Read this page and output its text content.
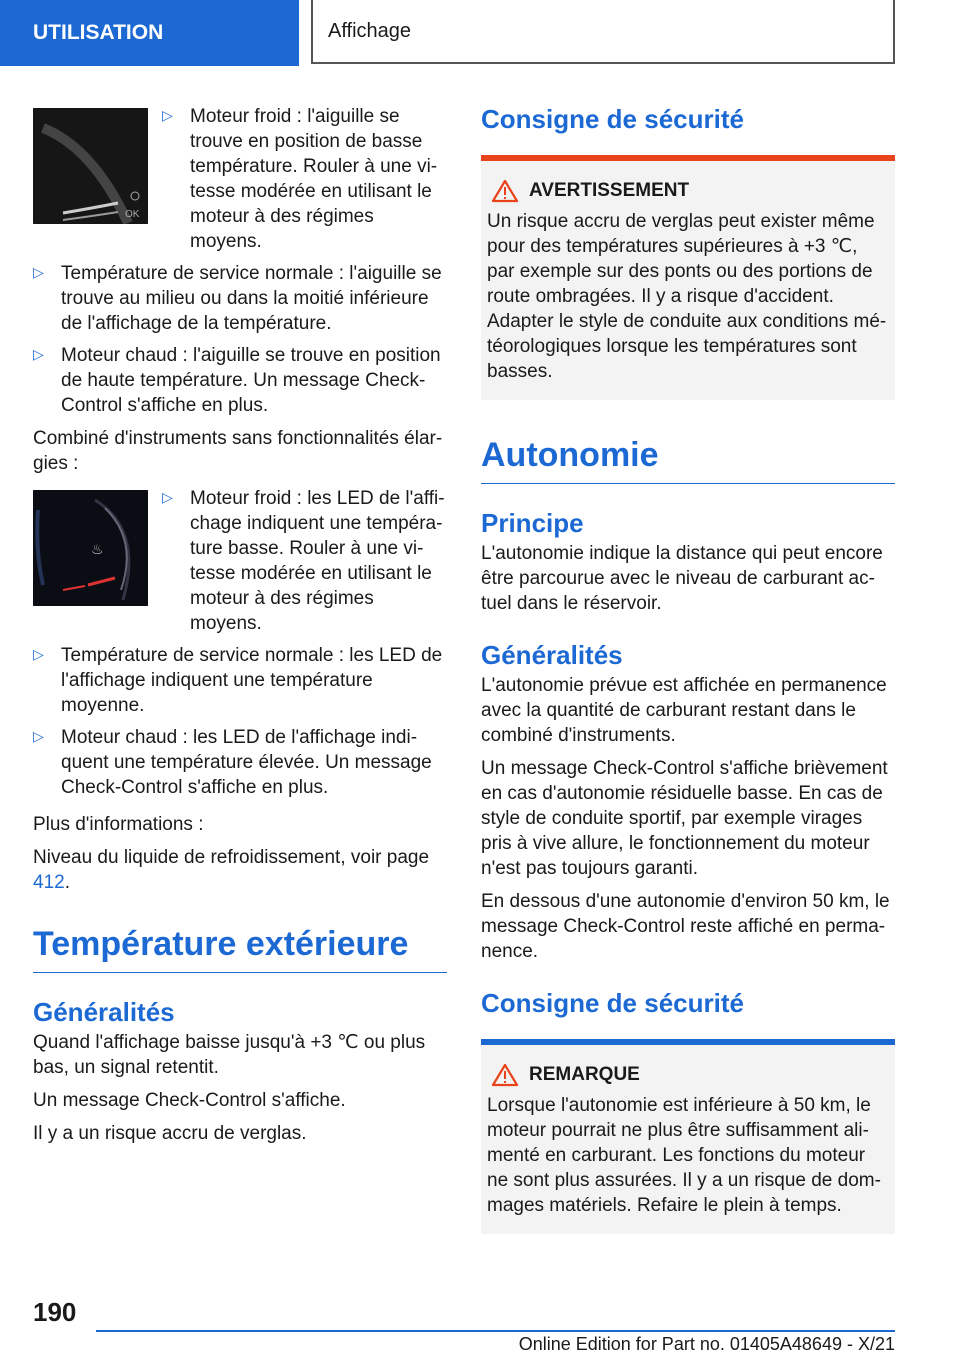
UTILISATION	Affichage
OK
▷ Moteur froid : l'aiguille se trouve en position de basse température. Rouler à une vitesse modérée en utilisant le moteur à des régimes moyens.
▷ Température de service normale : l'aiguille se trouve au milieu ou dans la moitié inférieure de l'affichage de la température.
▷ Moteur chaud : l'aiguille se trouve en position de haute température. Un message Check-Control s'affiche en plus.

Combiné d'instruments sans fonctionnalités élargies :

♨
▷ Moteur froid : les LED de l'affichage indiquent une température basse. Rouler à une vitesse modérée en utilisant le moteur à des régimes moyens.
▷ Température de service normale : les LED de l'affichage indiquent une température moyenne.
▷ Moteur chaud : les LED de l'affichage indiquent une température élevée. Un message Check-Control s'affiche en plus.

Plus d'informations :

Niveau du liquide de refroidissement, voir page 412.

Température extérieure
Généralités

Quand l'affichage baisse jusqu'à +3 ℃ ou plus bas, un signal retentit.

Un message Check-Control s'affiche.

Il y a un risque accru de verglas.

Consigne de sécurité
AVERTISSEMENT

Un risque accru de verglas peut exister même pour des températures supérieures à +3 ℃, par exemple sur des ponts ou des portions de route ombragées. Il y a risque d'accident. Adapter le style de conduite aux conditions météorologiques lorsque les températures sont basses.

Autonomie
Principe

L'autonomie indique la distance qui peut encore être parcourue avec le niveau de carburant actuel dans le réservoir.

Généralités

L'autonomie prévue est affichée en permanence avec la quantité de carburant restant dans le combiné d'instruments.

Un message Check-Control s'affiche brièvement en cas d'autonomie résiduelle basse. En cas de style de conduite sportif, par exemple virages pris à vive allure, le fonctionnement du moteur n'est pas toujours garanti.

En dessous d'une autonomie d'environ 50 km, le message Check-Control reste affiché en permanence.

Consigne de sécurité
REMARQUE

Lorsque l'autonomie est inférieure à 50 km, le moteur pourrait ne plus être suffisamment alimenté en carburant. Les fonctions du moteur ne sont plus assurées. Il y a un risque de dommages matériels. Refaire le plein à temps.

190
Online Edition for Part no. 01405A48649 - X/21
